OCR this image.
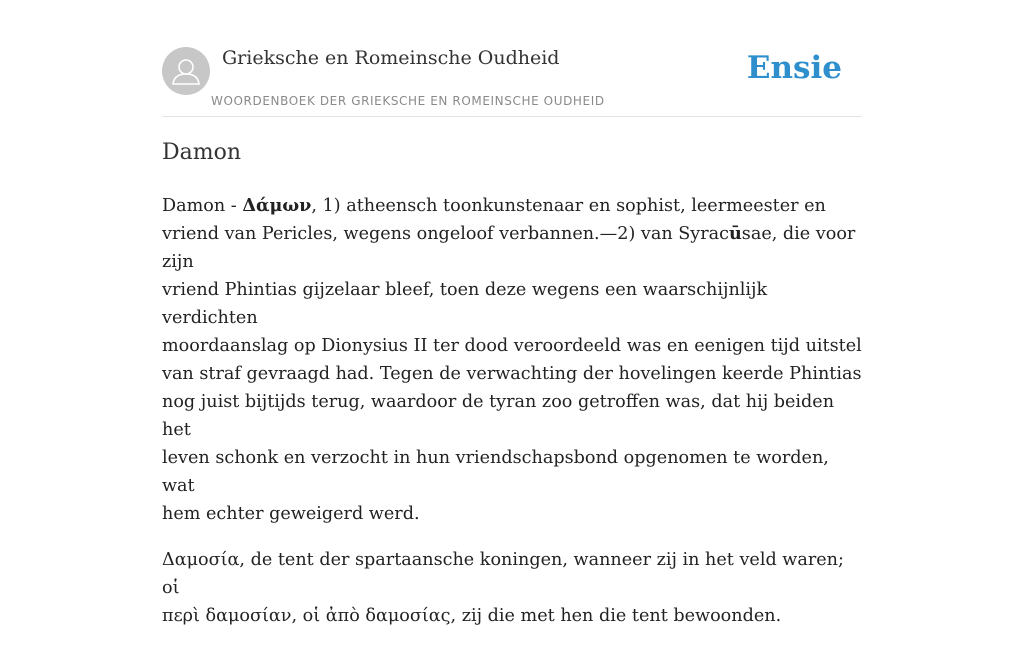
Grieksche en Romeinsche Oudheid
WOORDENBOEK DER GRIEKSCHE EN ROMEINSCHE OUDHEID
Ensie
Damon

Damon - Δάμων, 1) atheensch toonkunstenaar en sophist, leermeester en
vriend van Pericles, wegens ongeloof verbannen.—2) van Syracūsae, die voor zijn
vriend Phintias gijzelaar bleef, toen deze wegens een waarschijnlijk verdichten
moordaanslag op Dionysius II ter dood veroordeeld was en eenigen tijd uitstel
van straf gevraagd had. Tegen de verwachting der hovelingen keerde Phintias
nog juist bijtijds terug, waardoor de tyran zoo getroffen was, dat hij beiden het
leven schonk en verzocht in hun vriendschapsbond opgenomen te worden, wat
hem echter geweigerd werd.

Δαμοσία, de tent der spartaansche koningen, wanneer zij in het veld waren; οἱ
περὶ δαμοσίαν, οἱ ἀπὸ δαμοσίας, zij die met hen die tent bewoonden.
